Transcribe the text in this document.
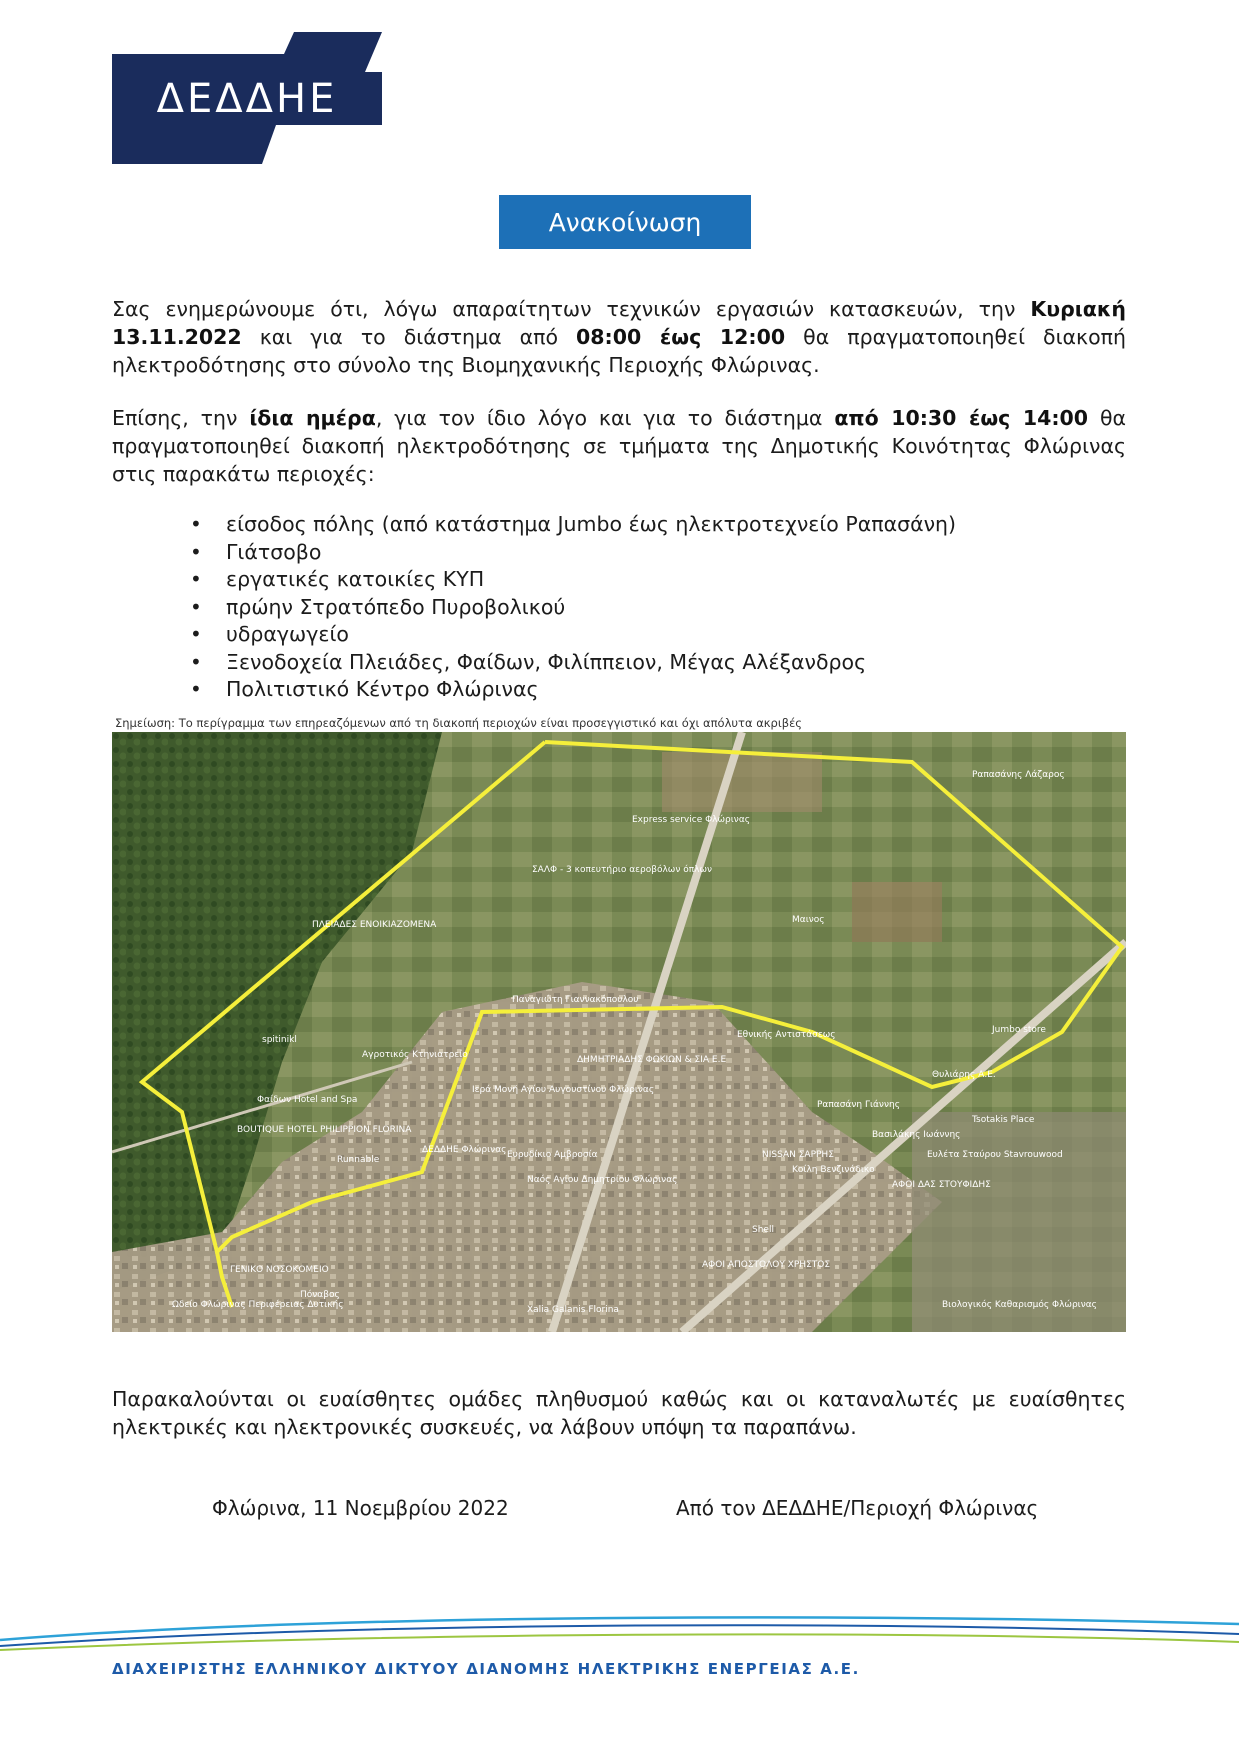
ΔΕΔΔΗΕ
Ανακοίνωση
Σας ενημερώνουμε ότι, λόγω απαραίτητων τεχνικών εργασιών κατασκευών, την Κυριακή 13.11.2022 και για το διάστημα από 08:00 έως 12:00 θα πραγματοποιηθεί διακοπή ηλεκτροδότησης στο σύνολο της Βιομηχανικής Περιοχής Φλώρινας.
Επίσης, την ίδια ημέρα, για τον ίδιο λόγο και για το διάστημα από 10:30 έως 14:00 θα πραγματοποιηθεί διακοπή ηλεκτροδότησης σε τμήματα της Δημοτικής Κοινότητας Φλώρινας στις παρακάτω περιοχές:
• είσοδος πόλης (από κατάστημα Jumbo έως ηλεκτροτεχνείο Ραπασάνη)
• Γιάτσοβο
• εργατικές κατοικίες ΚΥΠ
• πρώην Στρατόπεδο Πυροβολικού
• υδραγωγείο
• Ξενοδοχεία Πλειάδες, Φαίδων, Φιλίππειον, Μέγας Αλέξανδρος
• Πολιτιστικό Κέντρο Φλώρινας
Σημείωση: Το περίγραμμα των επηρεαζόμενων από τη διακοπή περιοχών είναι προσεγγιστικό και όχι απόλυτα ακριβές
Ραπασάνης Λάζαρος
Express service Φλώρινας
ΣΑΛΦ - 3 κοπευτήριο αεροβόλων όπλων
Μαινος
ΠΛΕΙΑΔΕΣ ΕΝΟΙΚΙΑΖΟΜΕΝΑ
Αγροτικός Κτηνιατρείο
Παναγιώτη Γιαννακόπουλου
ΔΗΜΗΤΡΙΑΔΗΣ ΦΩΚΙΩΝ & ΣΙΑ Ε.Ε
Ιερά Μονή Αγίου Αυγουστίνου Φλώρινας
Φαίδων Hotel and Spa
BOUTIQUE HOTEL PHILIPPION FLORINA
ΔΕΔΔΗΕ Φλώρινας
Εθνικής Αντιστάσεως	Jumbo store
Θυλιάρης Α.Ε.
Ραπασάνη Γιάννης
Tsotakis Place
NISSAN ΣΑΡΡΗΣ
Βασιλάκης Ιωάννης
Ευλέτα Σταύρου Stavrouwood
ΑΦΟΙ ΔΑΣ ΣΤΟΥΦΙΔΗΣ
Shell
ΓΕΝΙΚΟ ΝΟΣΟΚΟΜΕΙΟ
Πόναβος
Ναός Αγίου Δημητρίου Φλώρινας
Ευρυδίκιο Αμβροσία
Xalia Galanis Florina
ΑΦΟΙ ΑΠΟΣΤΟΛΟΥ ΧΡΗΣΤΟΣ
Βιολογικός Καθαρισμός Φλώρινας
Κοίλη Βενζινάδικο
spitinikl
Runnable
Ωδείο Φλώρινας Περιφέρειας Δυτικής
Παρακαλούνται οι ευαίσθητες ομάδες πληθυσμού καθώς και οι καταναλωτές με ευαίσθητες ηλεκτρικές και ηλεκτρονικές συσκευές, να λάβουν υπόψη τα παραπάνω.
Φλώρινα, 11 Νοεμβρίου 2022	Από τον ΔΕΔΔΗΕ/Περιοχή Φλώρινας
ΔΙΑΧΕΙΡΙΣΤΗΣ ΕΛΛΗΝΙΚΟΥ ΔΙΚΤΥΟΥ ΔΙΑΝΟΜΗΣ ΗΛΕΚΤΡΙΚΗΣ ΕΝΕΡΓΕΙΑΣ Α.Ε.
